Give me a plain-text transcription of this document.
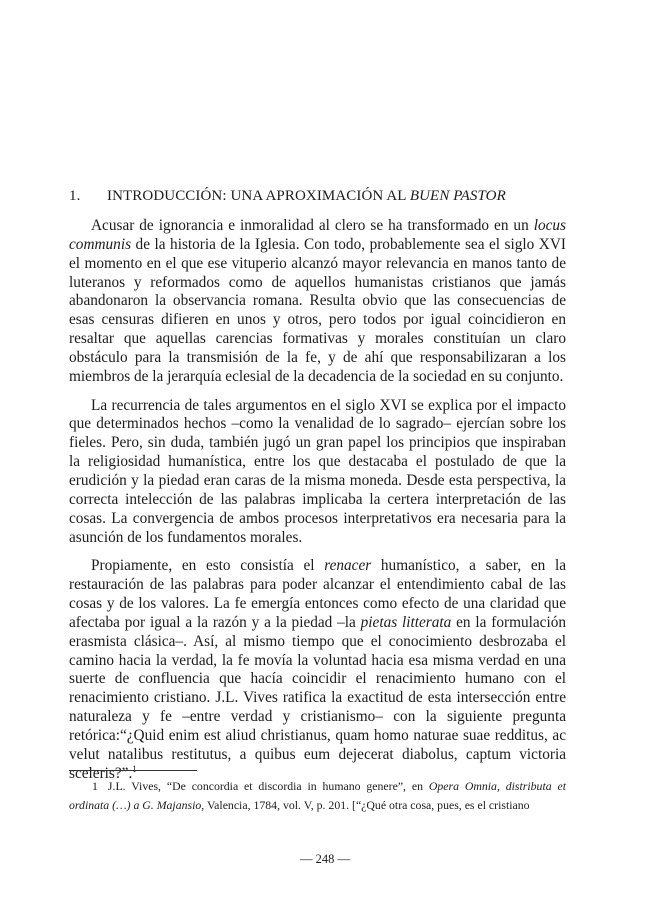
1. INTRODUCCIÓN: UNA APROXIMACIÓN AL BUEN PASTOR

Acusar de ignorancia e inmoralidad al clero se ha transformado en un locus communis de la historia de la Iglesia. Con todo, probablemente sea el siglo XVI el momento en el que ese vituperio alcanzó mayor relevancia en manos tanto de luteranos y reformados como de aquellos humanistas cristianos que jamás abandonaron la observancia romana. Resulta obvio que las consecuencias de esas censuras difieren en unos y otros, pero todos por igual coincidieron en resaltar que aquellas carencias formativas y morales constituían un claro obstáculo para la transmisión de la fe, y de ahí que responsabilizaran a los miembros de la jerarquía eclesial de la decadencia de la sociedad en su conjunto.

La recurrencia de tales argumentos en el siglo XVI se explica por el impacto que determinados hechos –como la venalidad de lo sagrado– ejercían sobre los fieles. Pero, sin duda, también jugó un gran papel los principios que inspiraban la religiosidad humanística, entre los que destacaba el postulado de que la erudición y la piedad eran caras de la misma moneda. Desde esta perspectiva, la correcta intelección de las palabras implicaba la certera interpretación de las cosas. La convergencia de ambos procesos interpretativos era necesaria para la asunción de los fundamentos morales.

Propiamente, en esto consistía el renacer humanístico, a saber, en la restauración de las palabras para poder alcanzar el entendimiento cabal de las cosas y de los valores. La fe emergía entonces como efecto de una claridad que afectaba por igual a la razón y a la piedad –la pietas litterata en la formulación erasmista clásica–. Así, al mismo tiempo que el conocimiento desbrozaba el camino hacia la verdad, la fe movía la voluntad hacia esa misma verdad en una suerte de confluencia que hacía coincidir el renacimiento humano con el renacimiento cristiano. J.L. Vives ratifica la exactitud de esta intersección entre naturaleza y fe –entre verdad y cristianismo– con la siguiente pregunta retórica:“¿Quid enim est aliud christianus, quam homo naturae suae redditus, ac velut natalibus restitutus, a quibus eum dejecerat diabolus, captum victoria sceleris?”.$^1$

1 J.L. Vives, “De concordia et discordia in humano genere”, en Opera Omnia, distributa et ordinata (…) a G. Majansio, Valencia, 1784, vol. V, p. 201. [“¿Qué otra cosa, pues, es el cristiano
— 248 —
